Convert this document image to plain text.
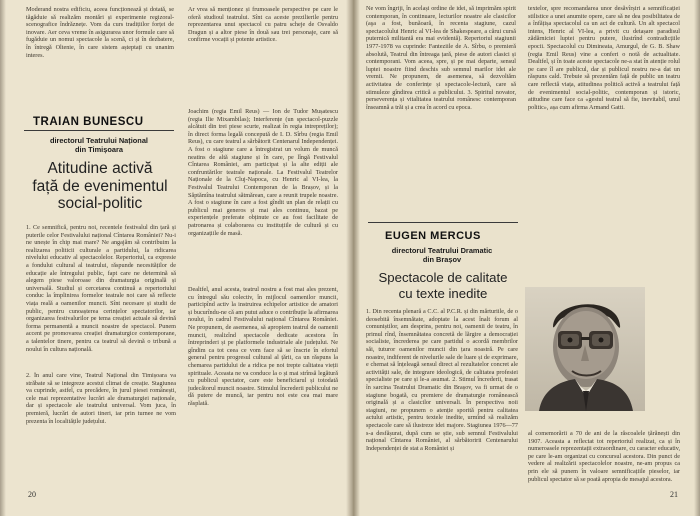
Moderand nostra edificiu, aceea funcționează și dotată, se tăgăduie să realizăm montări și experimente regizoral-scenografice îndrăznețe. Vom da curs tradițiilor forței de inovare. Aer ceva vreme în asigurarea unor formule care să fugăduie un nomui spectacole la scenă, ci și în dezbatere, în întregă Oltenie, în care sistem așteptați cu unanim interes.
Ar vrea să menționez și frumoasele perspective pe care le oferă studioul teatrului. Sînt ca aceste prezilierile pentru reprezentarea unui spectacol cu patru scheje de Osvaldo Dragun și a altor piese în două sau trei personaje, care să confirme vocații și potente artistice.
TRAIAN BUNESCU
directorul Teatrului Național
din Timișoara
Atitudine activă
față de evenimentul
social-politic
1. Ce semnifică, pentru noi, recentele festivalul din țară și puterile celor Festivalului național Cîntarea României? Nu-i ne unește în chip mai mare? Ne angajăm să contribuim la realizarea politicii culturale a partidului, la ridicarea nivelului educativ al spectacolelor. Repertoriul, ca expresie a fondului cultural al teatrului, răspunde necesităților de educație ale întregului public, fapt care ne determină să alegem piese valoroase din dramaturgia originală și universală. Studiul și cercetarea continuă a repertoriului conduc la împlinirea formelor teatrale noi care să reflecte viața reală a oamenilor muncii. Sînt necesare și studii de public, pentru cunoașterea cerințelor spectatorilor, iar organizarea festivalurilor pe tema creației actuale să devină forma permanentă a muncii noastre de spectacol. Punem accent pe promovarea creației dramaturgice contemporane, a talentelor tinere, pentru ca teatrul să devină o tribună a noului în cultura națională.
2. În anul care vine, Teatrul Național din Timișoara va străbate să se integreze acestui climat de creație. Stagiunea va cuprinde, astfel, cu precădere, în jurul piesei românești, cele mai reprezentative lucrări ale dramaturgiei naționale, dar și spectacole ale teatrului universal. Vom juca, în premieră, lucrări de autori tineri, iar prin turnee ne vom prezenta în localitățile județului.
Joachim (regia Emil Reus) — Ion de Tudor Mușatescu (regia Ilie Mixambilas); Interferențe (un spectacol-puzzle alcătuit din trei piese scurte, realizat în regia intrepreților); în direct forma legală concepută de I. D. Sîrbu (regia Emil Reus), cu care teatrul a sărbătorit Centenarul Independenței. A fost o stagiune care a întregistrat un volum de muncă neatins de altă stagiune și în care, pe lîngă Festivalul Cîntarea României, am participat și la alte ediții ale confruntărilor teatrale naționale. La Festivalul Teatrelor Naționale de la Cluj-Napoca, cu Henric al VI-lea, la Festivalul Teatrului Contemporan de la Brașov, și la Săptămîna teatrului sătmărean, care a reunit trupele noastre. A fost o stagiune în care a fost gîndit un plan de relații cu publicul mai generos și mai ales continuu, bazat pe experiențele preferate obținute ce au fost facilitate de patronarea și colaborarea cu instituțiile de cultură și cu organizațiile de masă.
Dealtfel, anul acesta, teatrul nostru a fost mai ales prezent, cu întregul său colectiv, în mijlocul oamenilor muncii, participînd activ la instruirea echipelor artistice de amatori și bucurîndu-ne că am putut aduce o contribuție la afirmarea noului, în cadrul Festivalului național Cîntarea României. Ne propunem, de asemenea, să apropiem teatrul de oamenii muncii, realizînd spectacole dedicate acestora în întreprinderi și pe platformele industriale ale județului. Ne gîndim ca tot ceea ce vom face să se înscrie în efortul general pentru progresul cultural al țării, ca un răspuns la chemarea partidului de a ridica pe noi trepte calitatea vieții spirituale. Aceasta ne va conduce la o și mai strînsă legătură cu publicul spectator, care este beneficiarul și totodată judecătorul muncii noastre. Stimulul încrederii publicului ne dă putere de muncă, iar pentru noi este cea mai mare răsplată.
20
Ne vom îngriji, în același ordine de idei, să imprimăm spirit contemporan, în continuare, lecturilor noastre ale clasicilor (aşa a fost, bunăoară, în recenta stagiune, cazul spectacolului Henric al VI-lea de Shakespeare, a cărui cursă puternică militantă era mai evidentă). Repertoriul stagiunii 1977-1978 va cuprinde: Fanteziile de A. Sîrbu, o premieră absolută, Teatrul din întreaga țară, piese de autori clasici și contemporani. Vom aceea, spre, și pe mai departe, sensul luptei noastre fiind deschis sub semnul marilor idei ale vremii. Ne propunem, de asemenea, să dezvoltăm activitatea de conferințe și spectacole-lectură, care să stimuleze gîndirea critică a publicului. 3. Spiritul novator, perseverența și vitalitatea teatrului românesc contemporan înseamnă a trăi și a crea în acord cu epoca.
textelor, spre recomandarea unor desăvîrșiri a semnificației stilistice a unei anumite opere, care să ne dea posibilitatea de a înfățișa spectacolul ca un act de cultură. Un alt spectacol intens, Henric al VI-lea, a privit cu detașare paradisul zădărniciei luptei pentru putere, ilustrînd contradicțiile epocii. Spectacolul cu Dimineata, Amurgul, de G. B. Shaw (regia Emil Reus) vine a conferi o notă de actualitate. Dealtfel, și în toate aceste spectacole ne-a stat în atenție rolul pe care îl are publicul, dar și publicul nostru ne-a dat un răspuns cald. Trebuie să prezentăm față de public un teatru care reflectă viața, atitudinea politică activă a teatrului față de evenimentul social-politic, contemporan și istoric, atitudine care face ca «gestul teatral să fie, inevitabil, unul politic», așa cum afirma Armand Gatti.
EUGEN MERCUS
directorul Teatrului Dramatic
din Brașov
Spectacole de calitate
cu texte inedite
1. Din recenta plenară a C.C. al P.C.R. și din mărturiile, de o deosebită însemnătate, adoptate la acest înalt forum al comuniștilor, am desprins, pentru noi, oamenii de teatru, în primul rînd, însemnătatea concretă de lărgire a democrației socialiste, încrederea pe care partidul o acordă membrilor săi, tuturor oamenilor muncii din țara noastră. Pe care noastre, indiferent de nivelurile sale de luare și de exprimare, e chemat să înțeleagă sensul direct al rezultatelor concret ale activității sale, de integrare ideologică, de calitatea profesiei specialiste pe care și le-a asumat. 2. Stimul încrederii, trasat în sarcina Teatrului Dramatic din Brașov, va fi urmat de o stagiune bogată, cu premiere de dramaturgie românească originală și a clasicilor universali. În perspectiva noii stagiuni, ne propunem o atenție sporită pentru calitatea actului artistic, pentru textele inedite, urmînd să realizăm spectacole care să ilustreze idei majore. Stagiunea 1976—77 s-a desfășurat, după cum se știe, sub semnul Festivalului național Cîntarea României, al sărbătoririi Centenarului Independenței de stat a României și
al comemorării a 70 de ani de la răscoalele țărănești din 1907. Aceasta a reflectat tot repertoriul realizat, ca și în numeroasele reprezentații extraordinare, cu caracter educativ, pe care le-am organizat cu concursul acestora. Din punct de vedere al realizării spectacolelor noastre, ne-am propus ca prin ele să punem în valoare semnificațiile pieselor, iar publicul spectator să se poată apropia de mesajul acestora.
21
